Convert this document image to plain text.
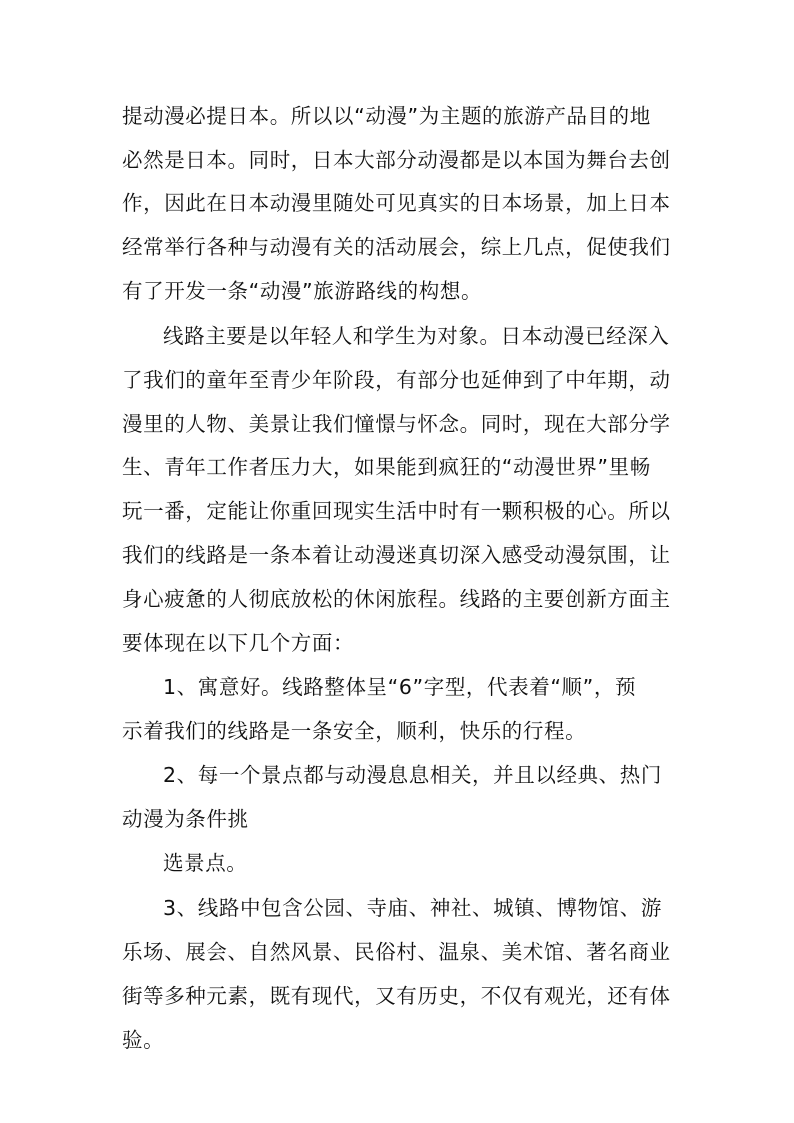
提动漫必提日本。所以以“动漫”为主题的旅游产品目的地
必然是日本。同时，日本大部分动漫都是以本国为舞台去创
作，因此在日本动漫里随处可见真实的日本场景，加上日本
经常举行各种与动漫有关的活动展会，综上几点，促使我们
有了开发一条“动漫”旅游路线的构想。
线路主要是以年轻人和学生为对象。日本动漫已经深入
了我们的童年至青少年阶段，有部分也延伸到了中年期，动
漫里的人物、美景让我们憧憬与怀念。同时，现在大部分学
生、青年工作者压力大，如果能到疯狂的“动漫世界”里畅
玩一番，定能让你重回现实生活中时有一颗积极的心。所以
我们的线路是一条本着让动漫迷真切深入感受动漫氛围，让
身心疲惫的人彻底放松的休闲旅程。线路的主要创新方面主
要体现在以下几个方面：
1、寓意好。线路整体呈“6”字型，代表着“顺”，预
示着我们的线路是一条安全，顺利，快乐的行程。
2、每一个景点都与动漫息息相关，并且以经典、热门
动漫为条件挑
选景点。
3、线路中包含公园、寺庙、神社、城镇、博物馆、游
乐场、展会、自然风景、民俗村、温泉、美术馆、著名商业
街等多种元素，既有现代，又有历史，不仅有观光，还有体
验。
